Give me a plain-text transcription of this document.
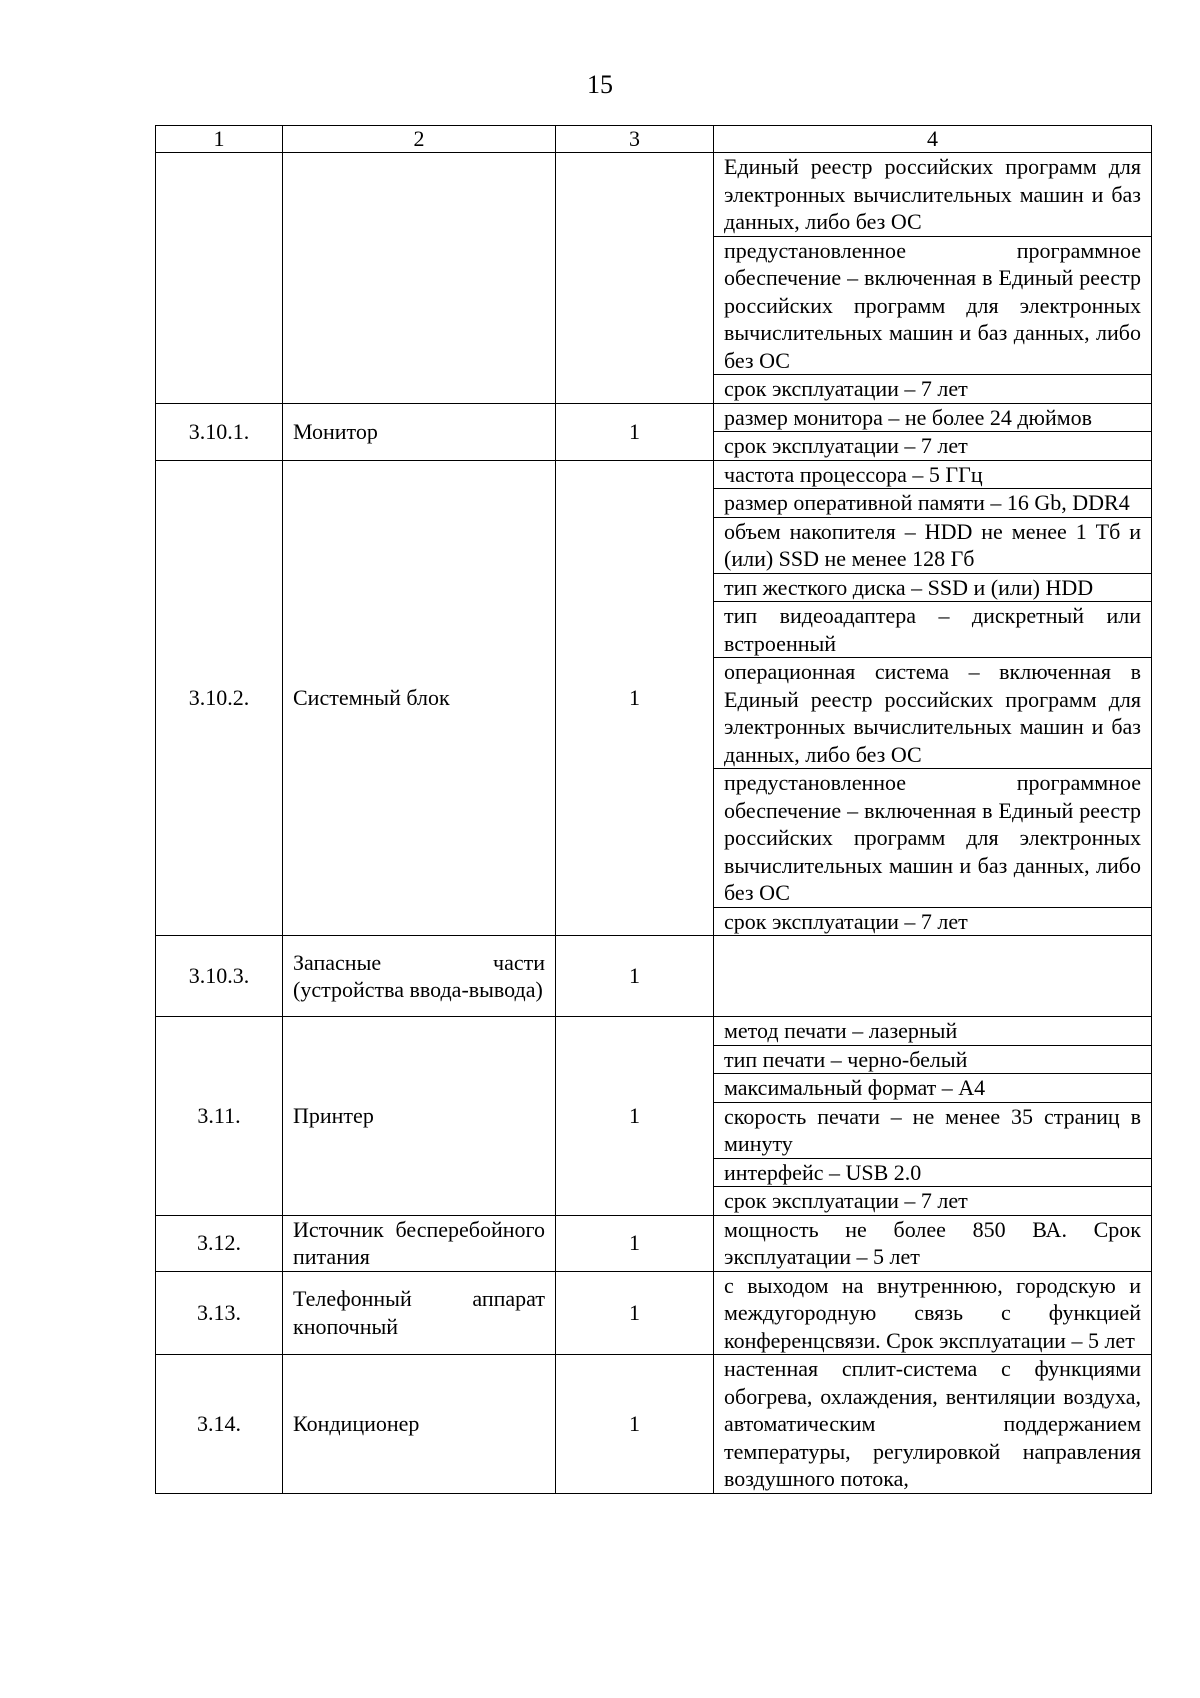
15
1	2	3	4
			Единый реестр российских программ для электронных вычислительных машин и баз данных, либо без ОС
			предустановленное программное обеспечение – включенная в Единый реестр российских программ для электронных вычислительных машин и баз данных, либо без ОС
			срок эксплуатации – 7 лет
3.10.1.	Монитор	1	размер монитора – не более 24 дюймов
			срок эксплуатации – 7 лет
3.10.2.	Системный блок	1	частота процессора – 5 ГГц
			размер оперативной памяти – 16 Gb, DDR4
			объем накопителя – HDD не менее 1 Тб и (или) SSD не менее 128 Гб
			тип жесткого диска – SSD и (или) HDD
			тип видеоадаптера – дискретный или встроенный
			операционная система – включенная в Единый реестр российских программ для электронных вычислительных машин и баз данных, либо без ОС
			предустановленное программное обеспечение – включенная в Единый реестр российских программ для электронных вычислительных машин и баз данных, либо без ОС
			срок эксплуатации – 7 лет
3.10.3.	Запасные части (устройства ввода-вывода)	1	
3.11.	Принтер	1	метод печати – лазерный
			тип печати – черно-белый
			максимальный формат – А4
			скорость печати – не менее 35 страниц в минуту
			интерфейс – USB 2.0
			срок эксплуатации – 7 лет
3.12.	Источник бесперебойного питания	1	мощность не более 850 ВА. Срок эксплуатации – 5 лет
3.13.	Телефонный аппарат кнопочный	1	с выходом на внутреннюю, городскую и междугородную связь с функцией конференцсвязи. Срок эксплуатации – 5 лет
3.14.	Кондиционер	1	настенная сплит-система с функциями обогрева, охлаждения, вентиляции воздуха, автоматическим поддержанием температуры, регулировкой направления воздушного потока,
